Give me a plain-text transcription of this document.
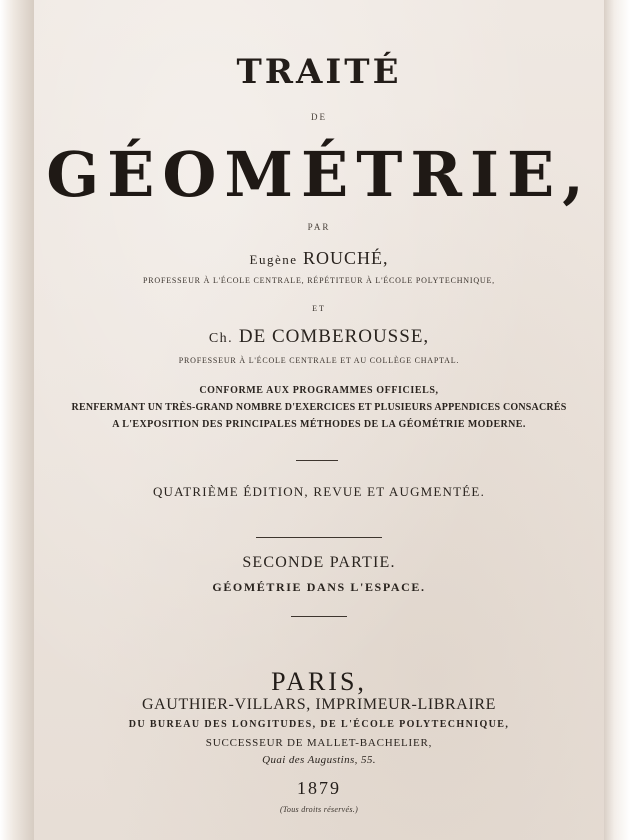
TRAITÉ
DE
GÉOMÉTRIE,
PAR
Eugène ROUCHÉ,
PROFESSEUR À L'ÉCOLE CENTRALE, RÉPÉTITEUR À L'ÉCOLE POLYTECHNIQUE,
ET
Ch. DE COMBEROUSSE,
PROFESSEUR À L'ÉCOLE CENTRALE ET AU COLLÈGE CHAPTAL.
CONFORME AUX PROGRAMMES OFFICIELS,
RENFERMANT UN TRÈS-GRAND NOMBRE D'EXERCICES ET PLUSIEURS APPENDICES CONSACRÉS
A L'EXPOSITION DES PRINCIPALES MÉTHODES DE LA GÉOMÉTRIE MODERNE.
QUATRIÈME ÉDITION, REVUE ET AUGMENTÉE.
SECONDE PARTIE.
GÉOMÉTRIE DANS L'ESPACE.
PARIS,
GAUTHIER-VILLARS, IMPRIMEUR-LIBRAIRE
DU BUREAU DES LONGITUDES, DE L'ÉCOLE POLYTECHNIQUE,
SUCCESSEUR DE MALLET-BACHELIER,
Quai des Augustins, 55.
1879
(Tous droits réservés.)
